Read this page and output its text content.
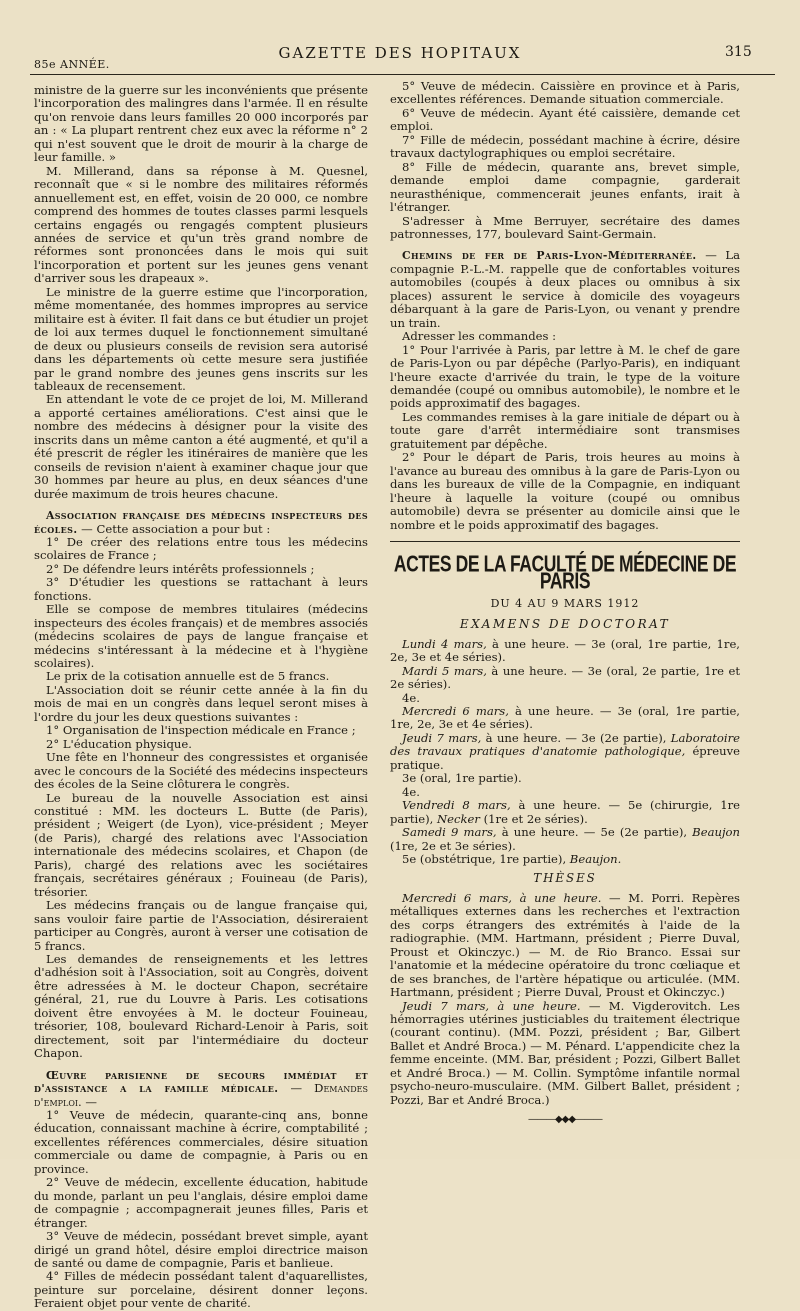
85e ANNÉE.
GAZETTE DES HOPITAUX	315

ministre de la guerre sur les inconvénients que présente l'incorporation des malingres dans l'armée. Il en résulte qu'on renvoie dans leurs familles 20 000 incorporés par an : « La plupart rentrent chez eux avec la réforme n° 2 qui n'est souvent que le droit de mourir à la charge de leur famille. »

M. Millerand, dans sa réponse à M. Quesnel, reconnaît que « si le nombre des militaires réformés annuellement est, en effet, voisin de 20 000, ce nombre comprend des hommes de toutes classes parmi lesquels certains engagés ou rengagés comptent plusieurs années de service et qu'un très grand nombre de réformes sont prononcées dans le mois qui suit l'incorporation et portent sur les jeunes gens venant d'arriver sous les drapeaux ».

Le ministre de la guerre estime que l'incorporation, même momentanée, des hommes impropres au service militaire est à éviter. Il fait dans ce but étudier un projet de loi aux termes duquel le fonctionnement simultané de deux ou plusieurs conseils de revision sera autorisé dans les départements où cette mesure sera justifiée par le grand nombre des jeunes gens inscrits sur les tableaux de recensement.

En attendant le vote de ce projet de loi, M. Millerand a apporté certaines améliorations. C'est ainsi que le nombre des médecins à désigner pour la visite des inscrits dans un même canton a été augmenté, et qu'il a été prescrit de régler les itinéraires de manière que les conseils de revision n'aient à examiner chaque jour que 30 hommes par heure au plus, en deux séances d'une durée maximum de trois heures chacune.

Association française des médecins inspecteurs des écoles. — Cette association a pour but :

1° De créer des relations entre tous les médecins scolaires de France ;

2° De défendre leurs intérêts professionnels ;

3° D'étudier les questions se rattachant à leurs fonctions.

Elle se compose de membres titulaires (médecins inspecteurs des écoles français) et de membres associés (médecins scolaires de pays de langue française et médecins s'intéressant à la médecine et à l'hygiène scolaires).

Le prix de la cotisation annuelle est de 5 francs.

L'Association doit se réunir cette année à la fin du mois de mai en un congrès dans lequel seront mises à l'ordre du jour les deux questions suivantes :

1° Organisation de l'inspection médicale en France ;

2° L'éducation physique.

Une fête en l'honneur des congressistes et organisée avec le concours de la Société des médecins inspecteurs des écoles de la Seine clôturera le congrès.

Le bureau de la nouvelle Association est ainsi constitué : MM. les docteurs L. Butte (de Paris), président ; Weigert (de Lyon), vice-président ; Meyer (de Paris), chargé des relations avec l'Association internationale des médecins scolaires, et Chapon (de Paris), chargé des relations avec les sociétaires français, secrétaires généraux ; Fouineau (de Paris), trésorier.

Les médecins français ou de langue française qui, sans vouloir faire partie de l'Association, désireraient participer au Congrès, auront à verser une cotisation de 5 francs.

Les demandes de renseignements et les lettres d'adhésion soit à l'Association, soit au Congrès, doivent être adressées à M. le docteur Chapon, secrétaire général, 21, rue du Louvre à Paris. Les cotisations doivent être envoyées à M. le docteur Fouineau, trésorier, 108, boulevard Richard-Lenoir à Paris, soit directement, soit par l'intermédiaire du docteur Chapon.

Œuvre parisienne de secours immédiat et d'assistance a la famille médicale. — Demandes d'emploi. —

1° Veuve de médecin, quarante-cinq ans, bonne éducation, connaissant machine à écrire, comptabilité ; excellentes références commerciales, désire situation commerciale ou dame de compagnie, à Paris ou en province.

2° Veuve de médecin, excellente éducation, habitude du monde, parlant un peu l'anglais, désire emploi dame de compagnie ; accompagnerait jeunes filles, Paris et étranger.

3° Veuve de médecin, possédant brevet simple, ayant dirigé un grand hôtel, désire emploi directrice maison de santé ou dame de compagnie, Paris et banlieue.

4° Filles de médecin possédant talent d'aquarellistes, peinture sur porcelaine, désirent donner leçons. Feraient objet pour vente de charité.

5° Veuve de médecin. Caissière en province et à Paris, excellentes références. Demande situation commerciale.

6° Veuve de médecin. Ayant été caissière, demande cet emploi.

7° Fille de médecin, possédant machine à écrire, désire travaux dactylographiques ou emploi secrétaire.

8° Fille de médecin, quarante ans, brevet simple, demande emploi dame compagnie, garderait neurasthénique, commencerait jeunes enfants, irait à l'étranger.

S'adresser à Mme Berruyer, secrétaire des dames patronnesses, 177, boulevard Saint-Germain.

Chemins de fer de Paris-Lyon-Méditerranée. — La compagnie P.-L.-M. rappelle que de confortables voitures automobiles (coupés à deux places ou omnibus à six places) assurent le service à domicile des voyageurs débarquant à la gare de Paris-Lyon, ou venant y prendre un train.

Adresser les commandes :

1° Pour l'arrivée à Paris, par lettre à M. le chef de gare de Paris-Lyon ou par dépêche (Parlyo-Paris), en indiquant l'heure exacte d'arrivée du train, le type de la voiture demandée (coupé ou omnibus automobile), le nombre et le poids approximatif des bagages.

Les commandes remises à la gare initiale de départ ou à toute gare d'arrêt intermédiaire sont transmises gratuitement par dépêche.

2° Pour le départ de Paris, trois heures au moins à l'avance au bureau des omnibus à la gare de Paris-Lyon ou dans les bureaux de ville de la Compagnie, en indiquant l'heure à laquelle la voiture (coupé ou omnibus automobile) devra se présenter au domicile ainsi que le nombre et le poids approximatif des bagages.

ACTES DE LA FACULTÉ DE MÉDECINE DE PARIS
DU 4 AU 9 MARS 1912
EXAMENS DE DOCTORAT

Lundi 4 mars, à une heure. — 3e (oral, 1re partie, 1re, 2e, 3e et 4e séries).

Mardi 5 mars, à une heure. — 3e (oral, 2e partie, 1re et 2e séries).

4e.

Mercredi 6 mars, à une heure. — 3e (oral, 1re partie, 1re, 2e, 3e et 4e séries).

Jeudi 7 mars, à une heure. — 3e (2e partie), Laboratoire des travaux pratiques d'anatomie pathologique, épreuve pratique.

3e (oral, 1re partie).

4e.

Vendredi 8 mars, à une heure. — 5e (chirurgie, 1re partie), Necker (1re et 2e séries).

Samedi 9 mars, à une heure. — 5e (2e partie), Beaujon (1re, 2e et 3e séries).

5e (obstétrique, 1re partie), Beaujon.

THÈSES

Mercredi 6 mars, à une heure. — M. Porri. Repères métalliques externes dans les recherches et l'extraction des corps étrangers des extrémités à l'aide de la radiographie. (MM. Hartmann, président ; Pierre Duval, Proust et Okinczyc.) — M. de Rio Branco. Essai sur l'anatomie et la médecine opératoire du tronc cœliaque et de ses branches, de l'artère hépatique ou articulée. (MM. Hartmann, président ; Pierre Duval, Proust et Okinczyc.)

Jeudi 7 mars, à une heure. — M. Vigderovitch. Les hémorragies utérines justiciables du traitement électrique (courant continu). (MM. Pozzi, président ; Bar, Gilbert Ballet et André Broca.) — M. Pénard. L'appendicite chez la femme enceinte. (MM. Bar, président ; Pozzi, Gilbert Ballet et André Broca.) — M. Collin. Symptôme infantile normal psycho-neuro-musculaire. (MM. Gilbert Ballet, président ; Pozzi, Bar et André Broca.)

———◆◆◆———
